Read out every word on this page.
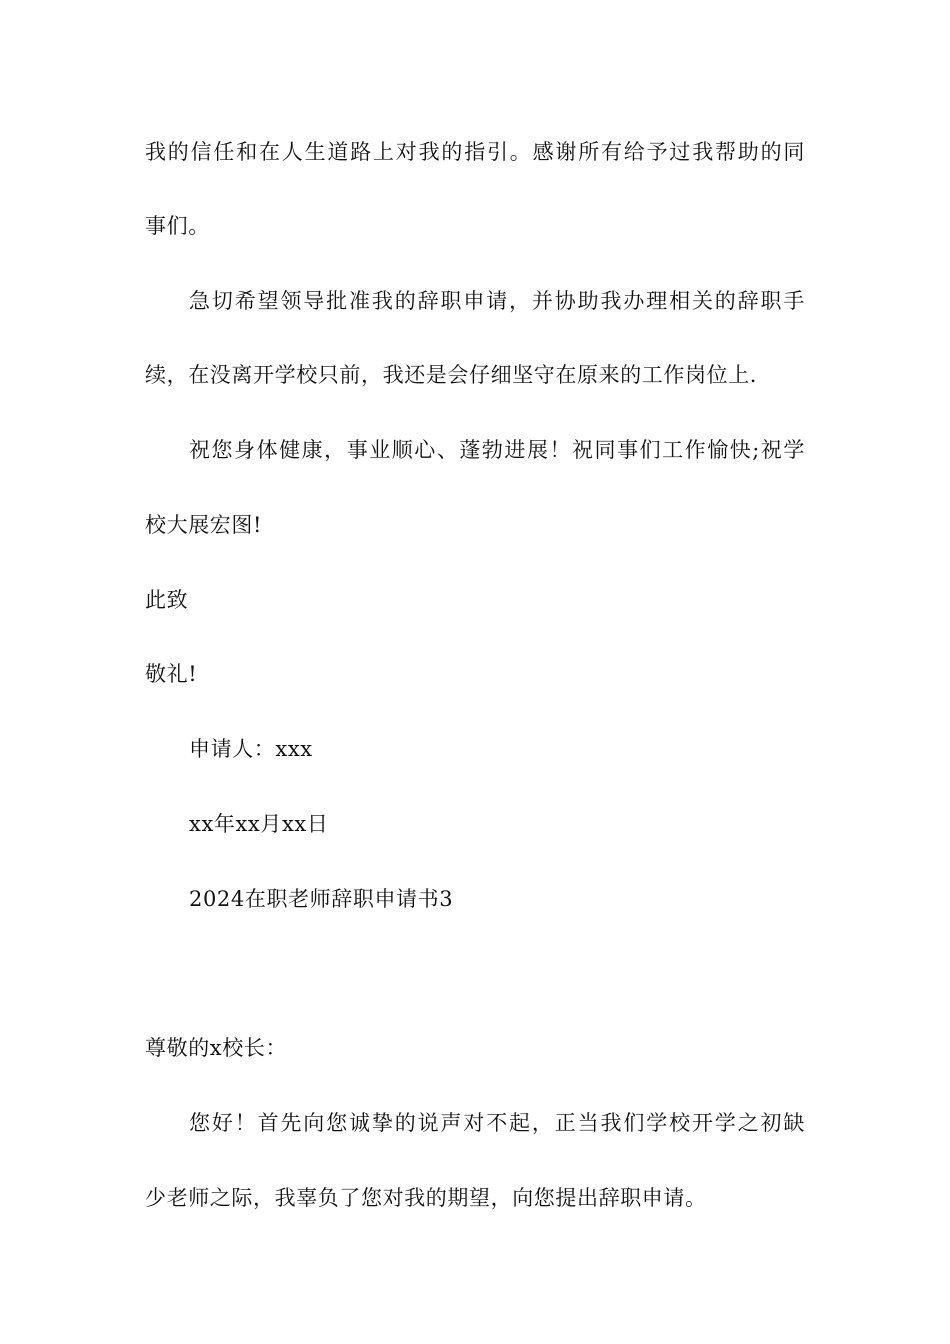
我的信任和在人生道路上对我的指引。感谢所有给予过我帮助的同
事们。
急切希望领导批准我的辞职申请，并协助我办理相关的辞职手
续，在没离开学校只前，我还是会仔细坚守在原来的工作岗位上.
祝您身体健康，事业顺心、蓬勃进展！祝同事们工作愉快;祝学
校大展宏图!
此致
敬礼!
申请人：xxx
xx年xx月xx日
2024在职老师辞职申请书3
尊敬的x校长：
您好！首先向您诚挚的说声对不起，正当我们学校开学之初缺
少老师之际，我辜负了您对我的期望，向您提出辞职申请。
